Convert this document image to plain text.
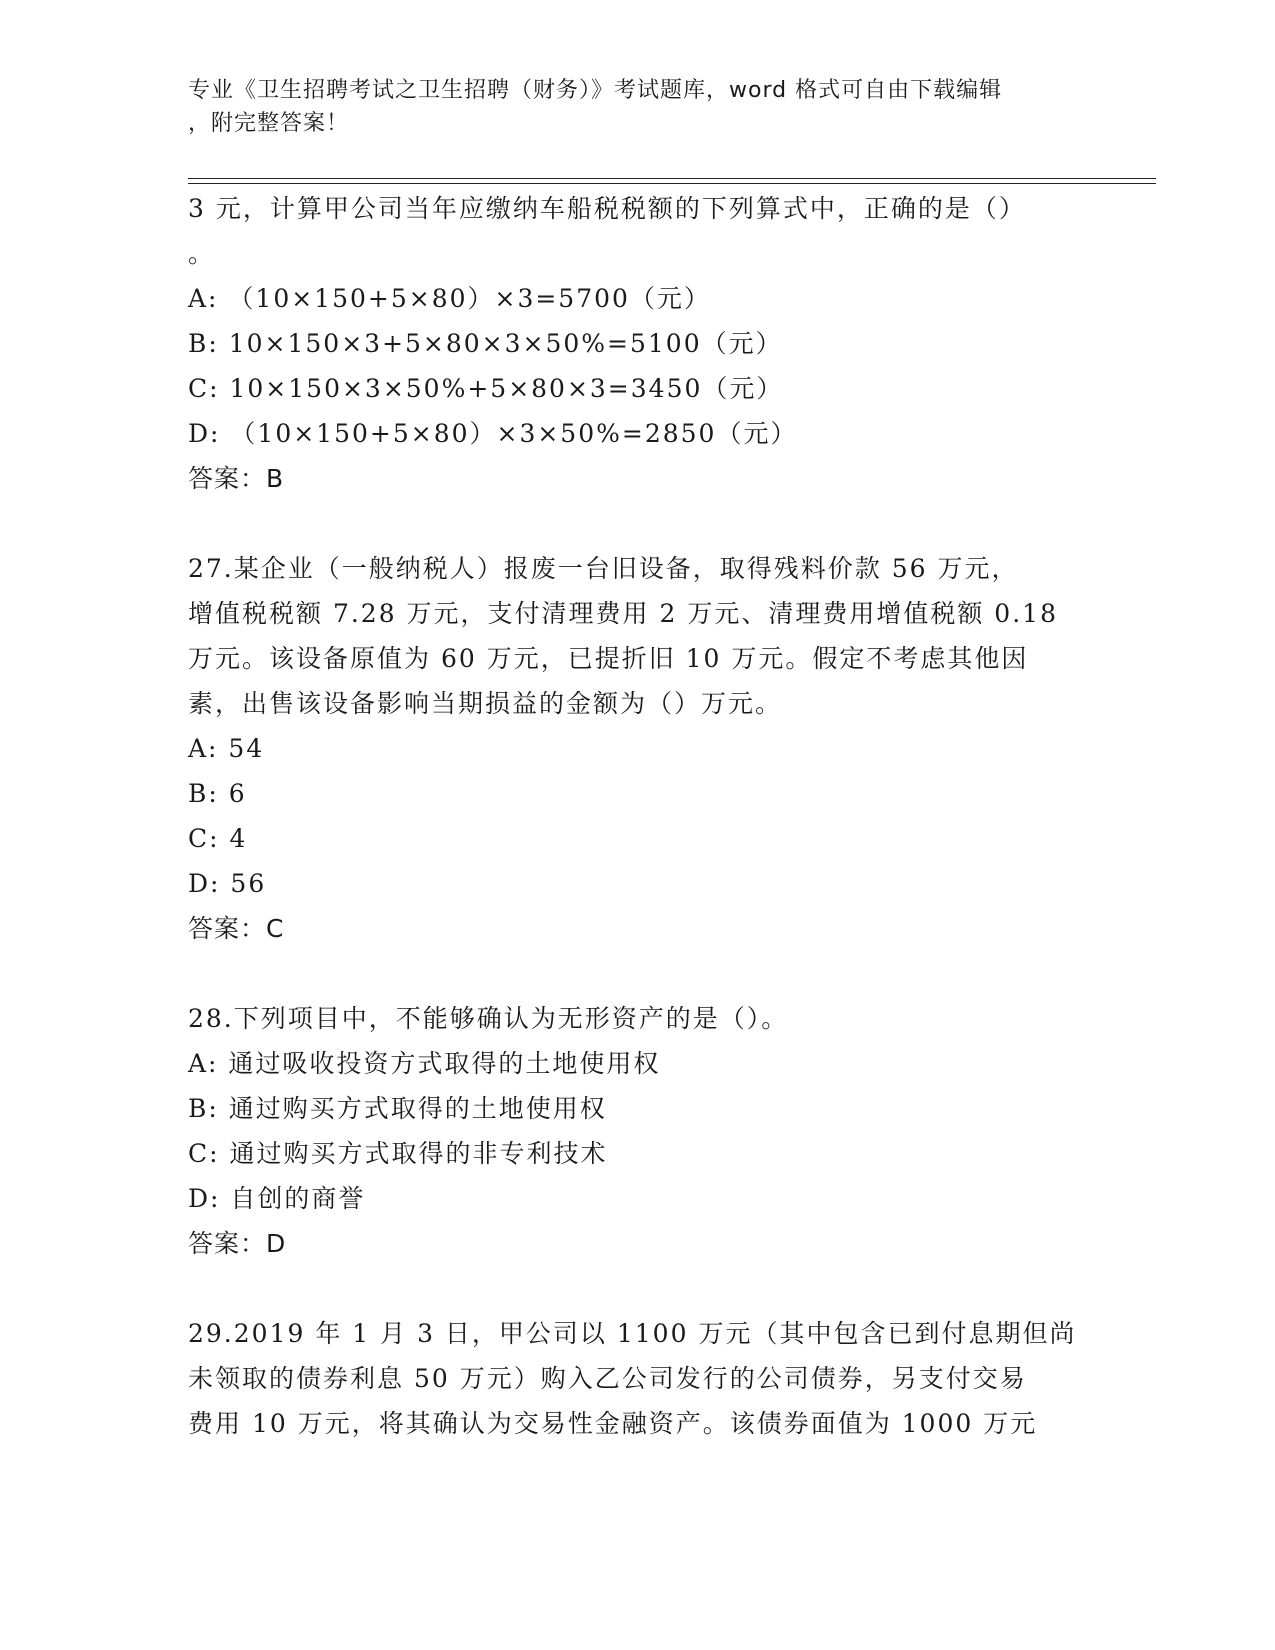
专业《卫生招聘考试之卫生招聘（财务）》考试题库，word 格式可自由下载编辑
，附完整答案！
3 元，计算甲公司当年应缴纳车船税税额的下列算式中，正确的是（）
。
A: （10×150+5×80）×3=5700（元）
B: 10×150×3+5×80×3×50%=5100（元）
C: 10×150×3×50%+5×80×3=3450（元）
D: （10×150+5×80）×3×50%=2850（元）
答案：B
27.某企业（一般纳税人）报废一台旧设备，取得残料价款 56 万元，
增值税税额 7.28 万元，支付清理费用 2 万元、清理费用增值税额 0.18
万元。该设备原值为 60 万元，已提折旧 10 万元。假定不考虑其他因
素，出售该设备影响当期损益的金额为（）万元。
A: 54
B: 6
C: 4
D: 56
答案：C
28.下列项目中，不能够确认为无形资产的是（）。
A: 通过吸收投资方式取得的土地使用权
B: 通过购买方式取得的土地使用权
C: 通过购买方式取得的非专利技术
D: 自创的商誉
答案：D
29.2019 年 1 月 3 日，甲公司以 1100 万元（其中包含已到付息期但尚
未领取的债券利息 50 万元）购入乙公司发行的公司债券，另支付交易
费用 10 万元，将其确认为交易性金融资产。该债券面值为 1000 万元
